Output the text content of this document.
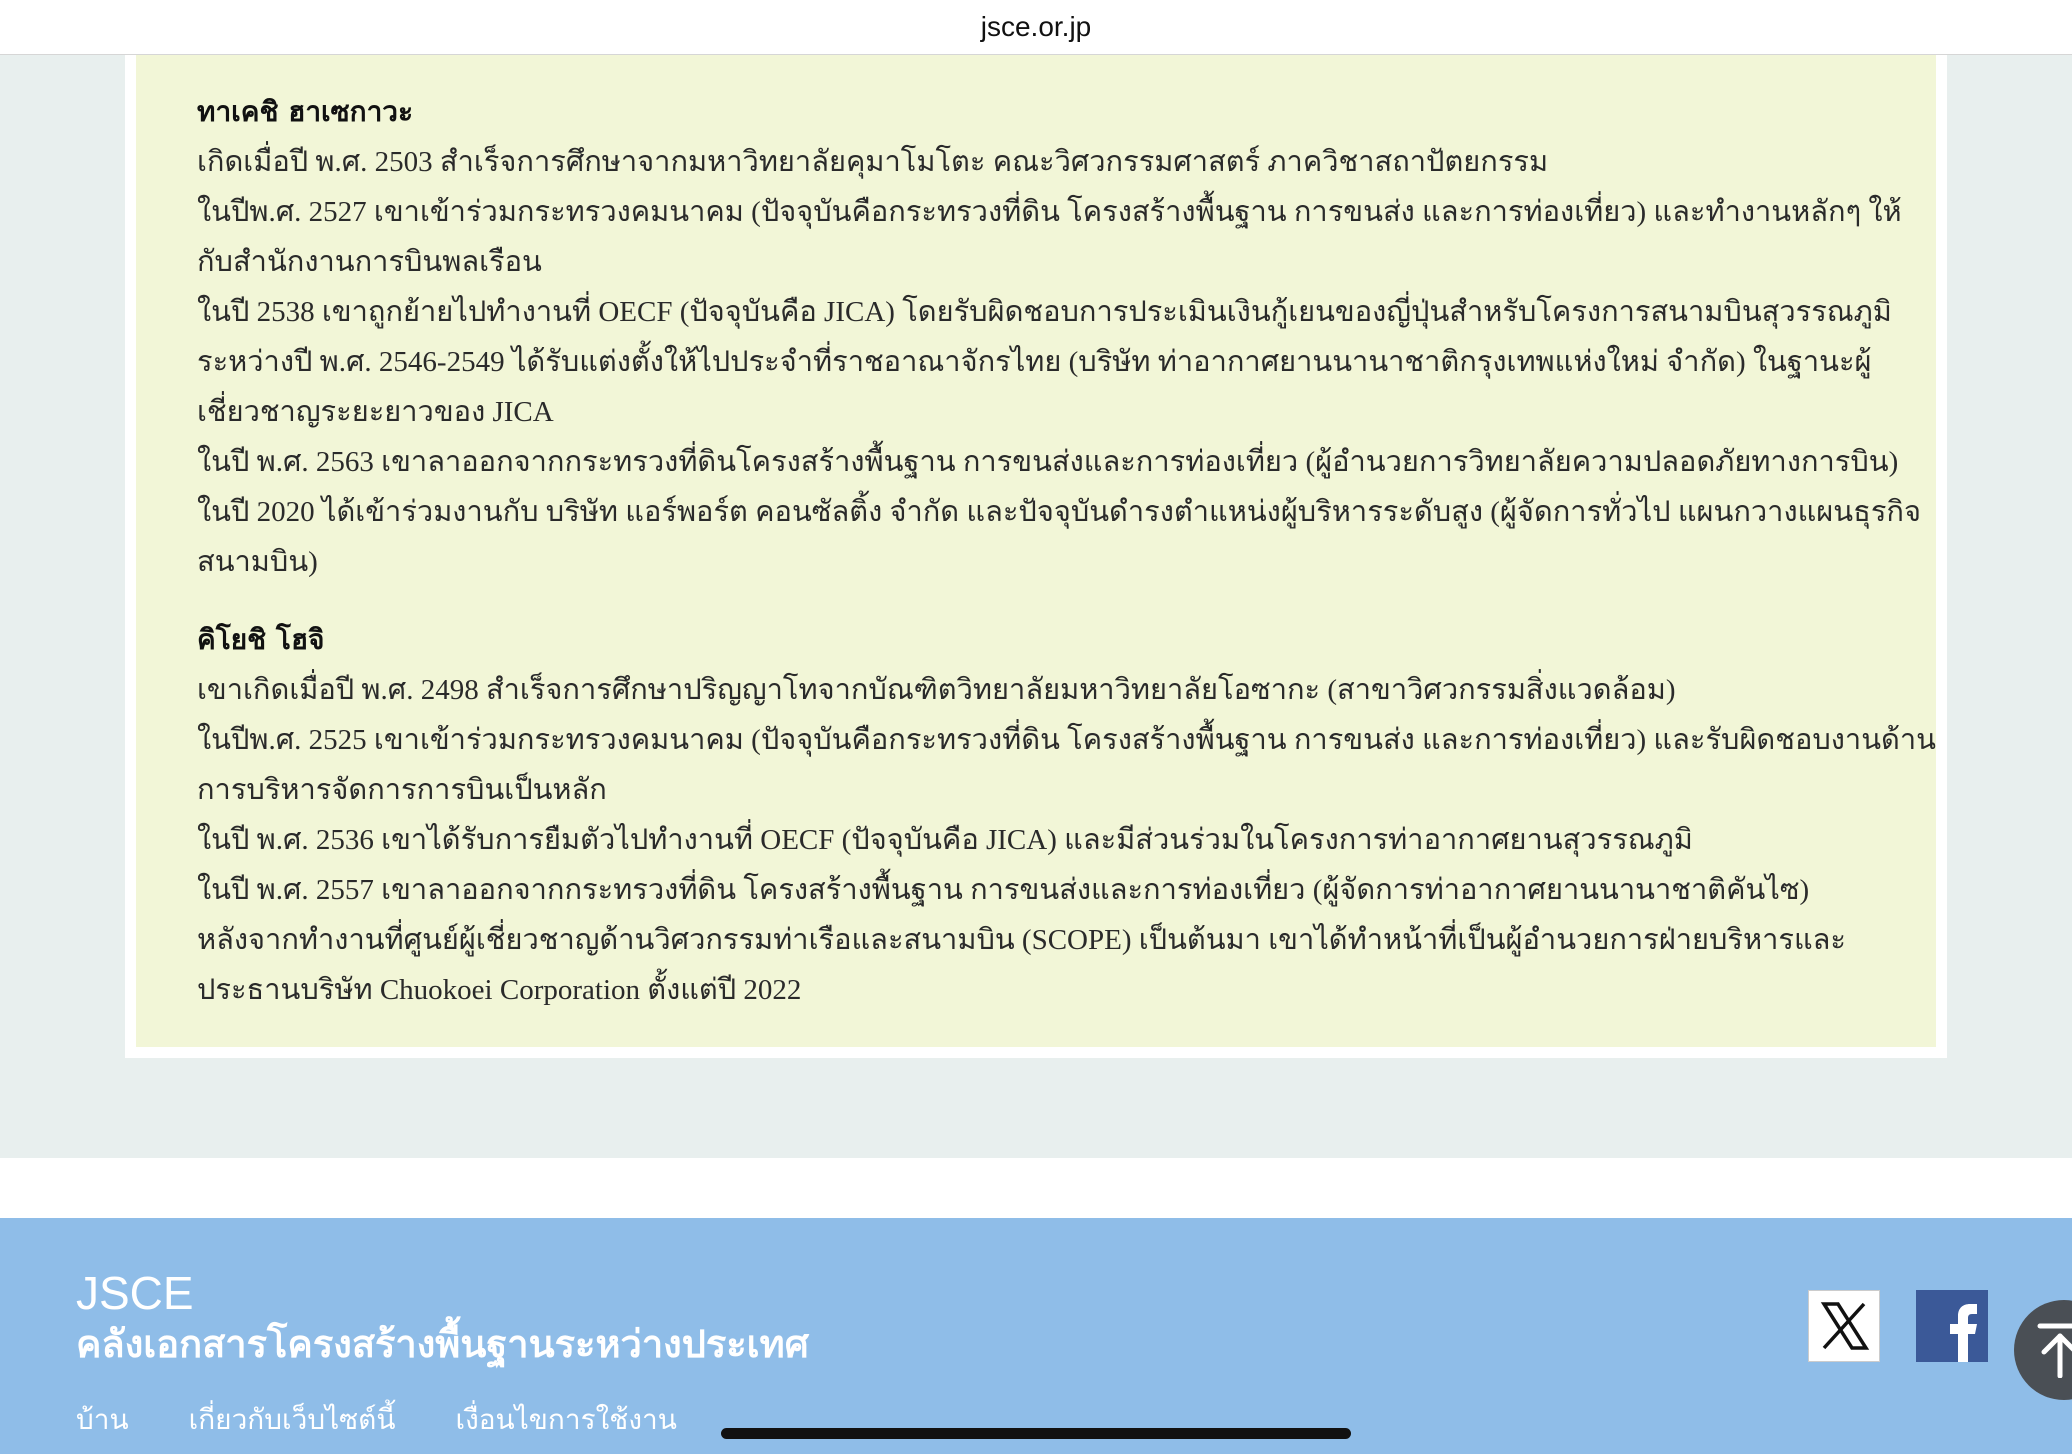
jsce.or.jp
ทาเคชิ ฮาเซกาวะ
เกิดเมื่อปี พ.ศ. 2503 สำเร็จการศึกษาจากมหาวิทยาลัยคุมาโมโตะ คณะวิศวกรรมศาสตร์ ภาควิชาสถาปัตยกรรม
ในปีพ.ศ. 2527 เขาเข้าร่วมกระทรวงคมนาคม (ปัจจุบันคือกระทรวงที่ดิน โครงสร้างพื้นฐาน การขนส่ง และการท่องเที่ยว) และทำงานหลักๆ ให้
กับสำนักงานการบินพลเรือน
ในปี 2538 เขาถูกย้ายไปทำงานที่ OECF (ปัจจุบันคือ JICA) โดยรับผิดชอบการประเมินเงินกู้เยนของญี่ปุ่นสำหรับโครงการสนามบินสุวรรณภูมิ
ระหว่างปี พ.ศ. 2546-2549 ได้รับแต่งตั้งให้ไปประจำที่ราชอาณาจักรไทย (บริษัท ท่าอากาศยานนานาชาติกรุงเทพแห่งใหม่ จำกัด) ในฐานะผู้
เชี่ยวชาญระยะยาวของ JICA
ในปี พ.ศ. 2563 เขาลาออกจากกระทรวงที่ดินโครงสร้างพื้นฐาน การขนส่งและการท่องเที่ยว (ผู้อำนวยการวิทยาลัยความปลอดภัยทางการบิน)
ในปี 2020 ได้เข้าร่วมงานกับ บริษัท แอร์พอร์ต คอนซัลติ้ง จำกัด และปัจจุบันดำรงตำแหน่งผู้บริหารระดับสูง (ผู้จัดการทั่วไป แผนกวางแผนธุรกิจ
สนามบิน)
คิโยชิ โฮจิ
เขาเกิดเมื่อปี พ.ศ. 2498 สำเร็จการศึกษาปริญญาโทจากบัณฑิตวิทยาลัยมหาวิทยาลัยโอซากะ (สาขาวิศวกรรมสิ่งแวดล้อม)
ในปีพ.ศ. 2525 เขาเข้าร่วมกระทรวงคมนาคม (ปัจจุบันคือกระทรวงที่ดิน โครงสร้างพื้นฐาน การขนส่ง และการท่องเที่ยว) และรับผิดชอบงานด้าน
การบริหารจัดการการบินเป็นหลัก
ในปี พ.ศ. 2536 เขาได้รับการยืมตัวไปทำงานที่ OECF (ปัจจุบันคือ JICA) และมีส่วนร่วมในโครงการท่าอากาศยานสุวรรณภูมิ
ในปี พ.ศ. 2557 เขาลาออกจากกระทรวงที่ดิน โครงสร้างพื้นฐาน การขนส่งและการท่องเที่ยว (ผู้จัดการท่าอากาศยานนานาชาติคันไซ)
หลังจากทำงานที่ศูนย์ผู้เชี่ยวชาญด้านวิศวกรรมท่าเรือและสนามบิน (SCOPE) เป็นต้นมา เขาได้ทำหน้าที่เป็นผู้อำนวยการฝ่ายบริหารและ
ประธานบริษัท Chuokoei Corporation ตั้งแต่ปี 2022
JSCE
คลังเอกสารโครงสร้างพื้นฐานระหว่างประเทศ
บ้าน เกี่ยวกับเว็บไซต์นี้ เงื่อนไขการใช้งาน
